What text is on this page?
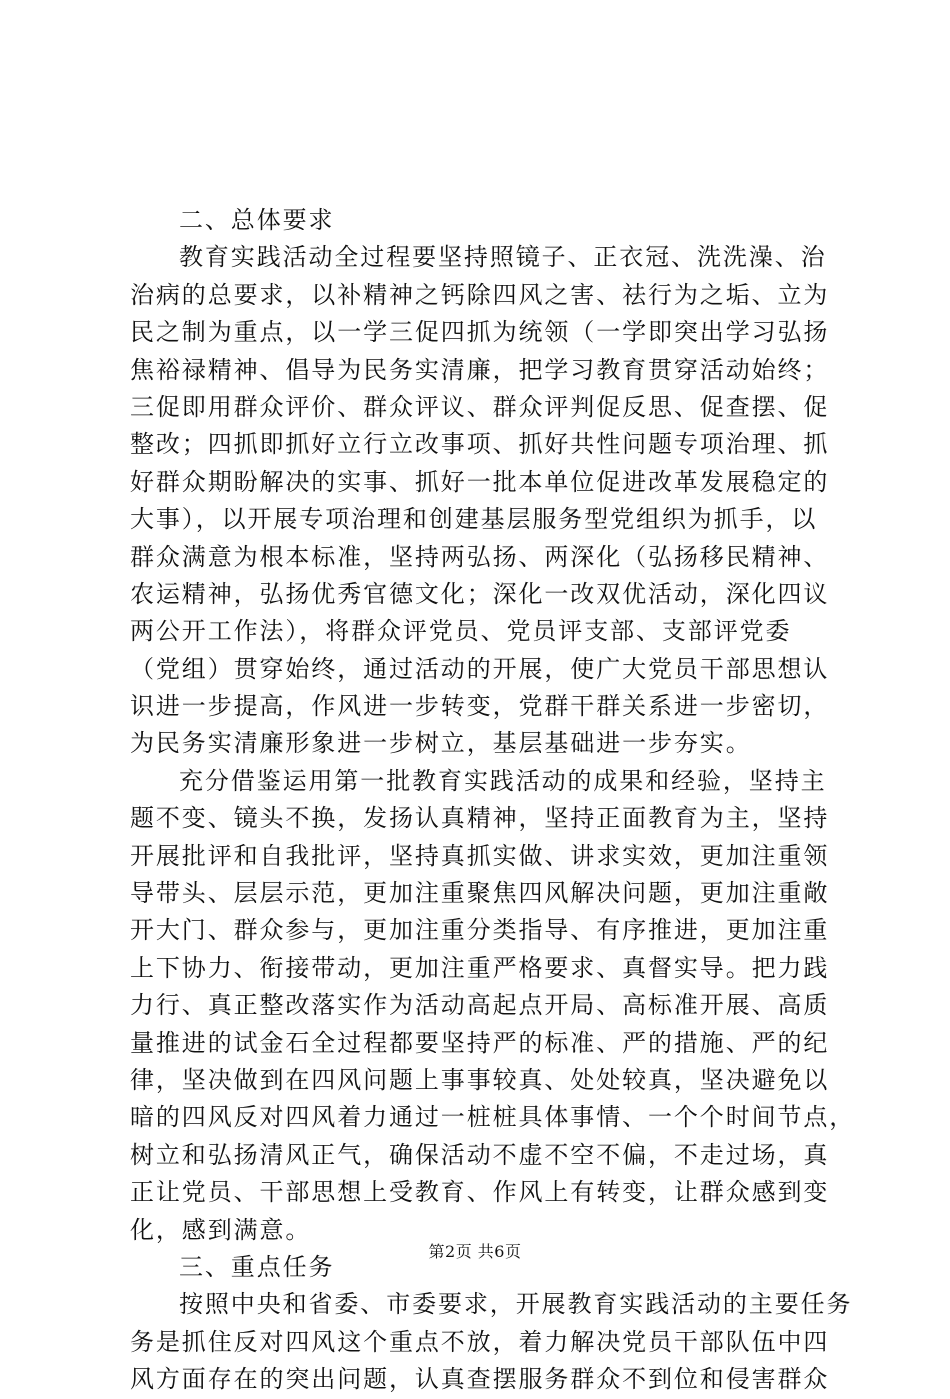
二、总体要求
教育实践活动全过程要坚持照镜子、正衣冠、洗洗澡、治
治病的总要求，以补精神之钙除四风之害、祛行为之垢、立为
民之制为重点，以一学三促四抓为统领（一学即突出学习弘扬
焦裕禄精神、倡导为民务实清廉，把学习教育贯穿活动始终；
三促即用群众评价、群众评议、群众评判促反思、促查摆、促
整改；四抓即抓好立行立改事项、抓好共性问题专项治理、抓
好群众期盼解决的实事、抓好一批本单位促进改革发展稳定的
大事），以开展专项治理和创建基层服务型党组织为抓手，以
群众满意为根本标准，坚持两弘扬、两深化（弘扬移民精神、
农运精神，弘扬优秀官德文化；深化一改双优活动，深化四议
两公开工作法），将群众评党员、党员评支部、支部评党委
（党组）贯穿始终，通过活动的开展，使广大党员干部思想认
识进一步提高，作风进一步转变，党群干群关系进一步密切，
为民务实清廉形象进一步树立，基层基础进一步夯实。
充分借鉴运用第一批教育实践活动的成果和经验，坚持主
题不变、镜头不换，发扬认真精神，坚持正面教育为主，坚持
开展批评和自我批评，坚持真抓实做、讲求实效，更加注重领
导带头、层层示范，更加注重聚焦四风解决问题，更加注重敞
开大门、群众参与，更加注重分类指导、有序推进，更加注重
上下协力、衔接带动，更加注重严格要求、真督实导。把力践
力行、真正整改落实作为活动高起点开局、高标准开展、高质
量推进的试金石全过程都要坚持严的标准、严的措施、严的纪
律，坚决做到在四风问题上事事较真、处处较真，坚决避免以
暗的四风反对四风着力通过一桩桩具体事情、一个个时间节点，
树立和弘扬清风正气，确保活动不虚不空不偏，不走过场，真
正让党员、干部思想上受教育、作风上有转变，让群众感到变
化，感到满意。
三、重点任务
按照中央和省委、市委要求，开展教育实践活动的主要任务
务是抓住反对四风这个重点不放，着力解决党员干部队伍中四
风方面存在的突出问题，认真查摆服务群众不到位和侵害群众
第2页 共6页
